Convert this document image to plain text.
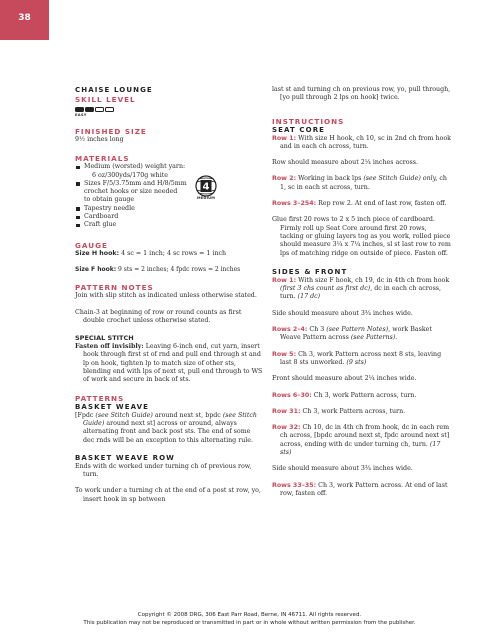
38

CHAISE LOUNGE

SKILL LEVEL

EASY

FINISHED SIZE

9½ inches long

MATERIALS

Medium (worsted) weight yarn:
6 oz/300yds/170g white
Sizes F/5/3.75mm and H/8/5mm
crochet hooks or size needed
to obtain gauge
Tapestry needle
Cardboard
Craft glue

GAUGE

Size H hook: 4 sc = 1 inch; 4 sc rows = 1 inch

Size F hook: 9 sts = 2 inches; 4 fpdc rows = 2 inches

PATTERN NOTES

Join with slip stitch as indicated unless otherwise stated.

Chain-3 at beginning of row or round counts as first double crochet unless otherwise stated.

SPECIAL STITCH

Fasten off invisibly: Leaving 6-inch end, cut yarn, insert hook through first st of rnd and pull end through st and lp on hook, tighten lp to match size of other sts, blending end with lps of next st, pull end through to WS of work and secure in back of sts.

PATTERNS

BASKET WEAVE

[Fpdc (see Stitch Guide) around next st, bpdc (see Stitch Guide) around next st] across or around, always alternating front and back post sts. The end of some dec rnds will be an exception to this alternating rule.

BASKET WEAVE ROW

Ends with dc worked under turning ch of previous row, turn.

To work under a turning ch at the end of a post st row, yo, insert hook in sp between

4
MEDIUM

last st and turning ch on previous row, yo, pull through, [yo pull through 2 lps on hook] twice.

INSTRUCTIONS

SEAT CORE

Row 1: With size H hook, ch 10, sc in 2nd ch from hook and in each ch across, turn.

Row should measure about 2¼ inches across.

Row 2: Working in back lps (see Stitch Guide) only, ch 1, sc in each st across, turn.

Rows 3–254: Rep row 2. At end of last row, fasten off.

Glue first 20 rows to 2 x 5 inch piece of cardboard. Firmly roll up Seat Core around first 20 rows, tacking or gluing layers tog as you work, rolled piece should measure 3¼ x 7¼ inches, sl st last row to rem lps of matching ridge on outside of piece. Fasten off.

SIDES & FRONT

Row 1: With size F hook, ch 19, dc in 4th ch from hook (first 3 chs count as first dc), dc in each ch across, turn. (17 dc)

Side should measure about 3¾ inches wide.

Rows 2–4: Ch 3 (see Pattern Notes), work Basket Weave Pattern across (see Patterns).

Row 5: Ch 3, work Pattern across next 8 sts, leaving last 8 sts unworked. (9 sts)

Front should measure about 2¼ inches wide.

Rows 6–30: Ch 3, work Pattern across, turn.

Row 31: Ch 3, work Pattern across, turn.

Row 32: Ch 10, dc in 4th ch from hook, dc in each rem ch across, [bpdc around next st, fpdc around next st] across, ending with dc under turning ch, turn. (17 sts)

Side should measure about 3¾ inches wide.

Rows 33–35: Ch 3, work Pattern across. At end of last row, fasten off.

Copyright © 2008 DRG, 306 East Parr Road, Berne, IN 46711. All rights reserved.
This publication may not be reproduced or transmitted in part or in whole without written permission from the publisher.
